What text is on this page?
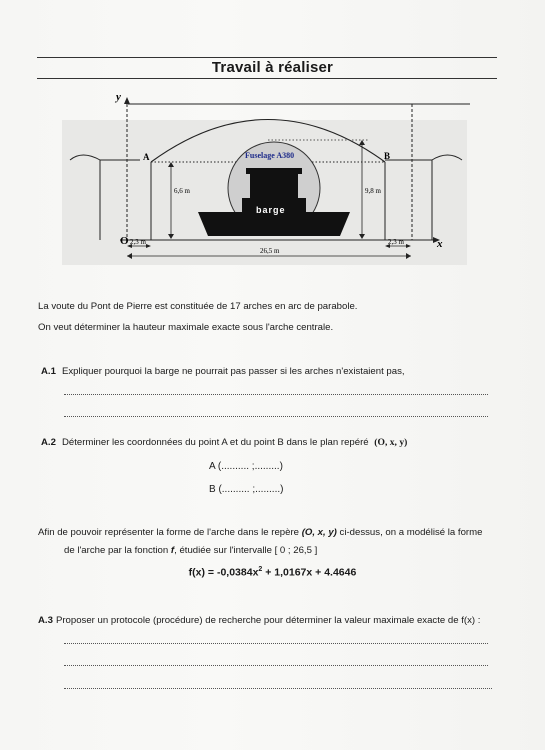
Travail à réaliser
y
x
O
A	B
Fuselage A380
barge
6,6 m	9,8 m
2,3 m	2,3 m
26,5 m
La voute du Pont de Pierre est constituée de 17 arches en arc de parabole.
On veut déterminer la hauteur maximale exacte sous l'arche centrale.
A.1 Expliquer pourquoi la barge ne pourrait pas passer si les arches n'existaient pas,
A.2 Déterminer les coordonnées du point A et du point B dans le plan repéré (O, x, y)
A (.......... ;.........)
B (.......... ;.........)
Afin de pouvoir représenter la forme de l'arche dans le repère (O, x, y) ci-dessus, on a modélisé la forme
de l'arche par la fonction f, étudiée sur l'intervalle [ 0 ; 26,5 ]
$f(x) = -0,0384x^2 + 1,0167x + 4.4646$
A.3 Proposer un protocole (procédure) de recherche pour déterminer la valeur maximale exacte de f(x) :
